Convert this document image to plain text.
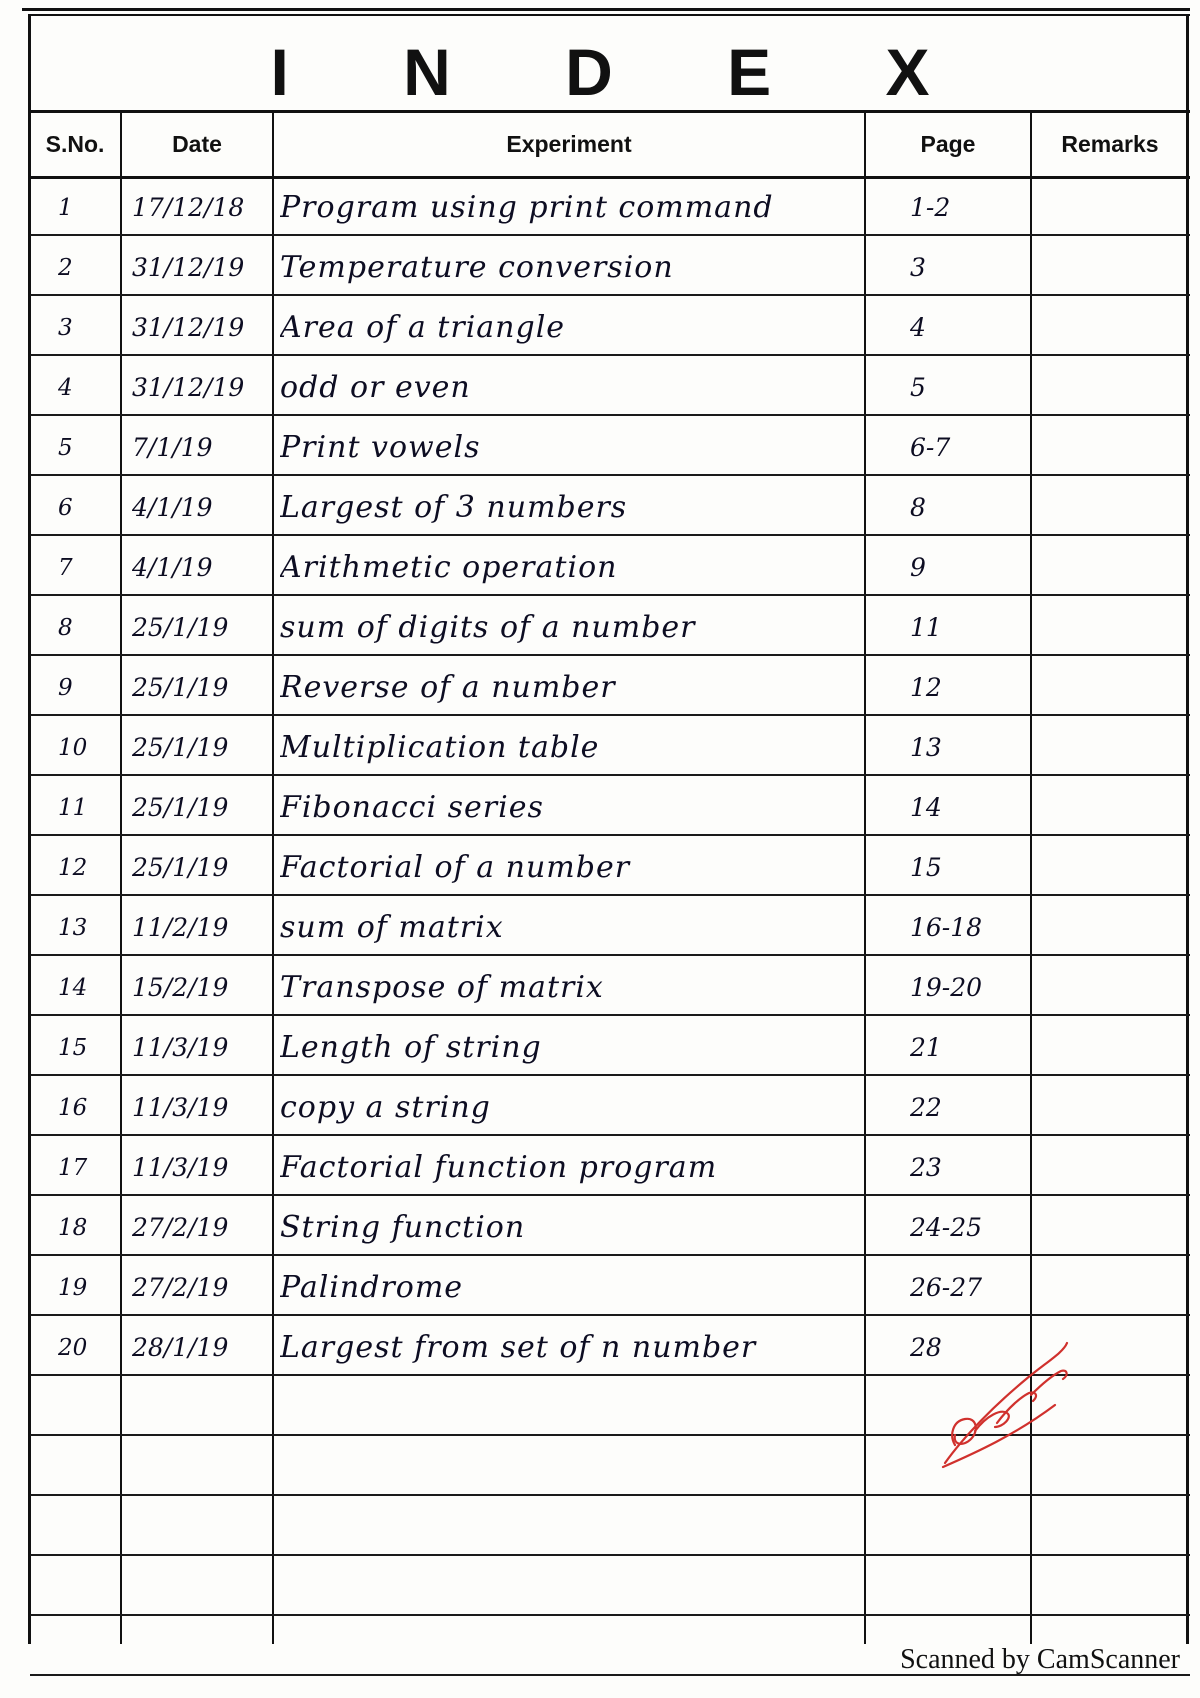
I N D E X
S.No.	Date	Experiment	Page	Remarks
1	17/12/18	Program using print command	1-2
2	31/12/19	Temperature conversion	3
3	31/12/19	Area of a triangle	4
4	31/12/19	odd or even	5
5	7/1/19	Print vowels	6-7
6	4/1/19	Largest of 3 numbers	8
7	4/1/19	Arithmetic operation	9
8	25/1/19	sum of digits of a number	11
9	25/1/19	Reverse of a number	12
10	25/1/19	Multiplication table	13
11	25/1/19	Fibonacci series	14
12	25/1/19	Factorial of a number	15
13	11/2/19	sum of matrix	16-18
14	15/2/19	Transpose of matrix	19-20
15	11/3/19	Length of string	21
16	11/3/19	copy a string	22
17	11/3/19	Factorial function program	23
18	27/2/19	String function	24-25
19	27/2/19	Palindrome	26-27
20	28/1/19	Largest from set of n number	28
Scanned by CamScanner
